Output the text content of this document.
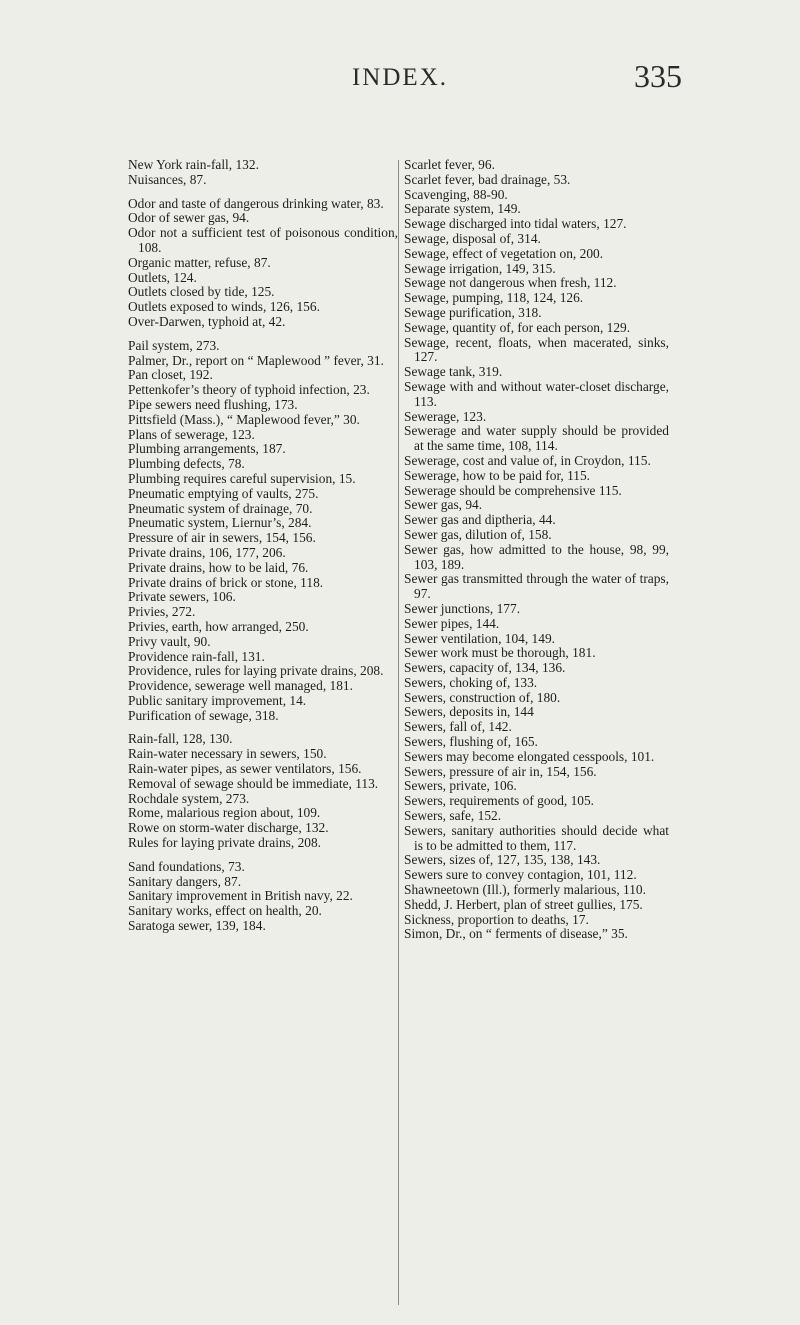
INDEX.	335
New York rain-fall, 132.
Nuisances, 87.
Odor and taste of dangerous drinking water, 83.
Odor of sewer gas, 94.
Odor not a sufficient test of poisonous condition, 108.
Organic matter, refuse, 87.
Outlets, 124.
Outlets closed by tide, 125.
Outlets exposed to winds, 126, 156.
Over-Darwen, typhoid at, 42.
Pail system, 273.
Palmer, Dr., report on “ Maplewood ” fever, 31.
Pan closet, 192.
Pettenkofer’s theory of typhoid infection, 23.
Pipe sewers need flushing, 173.
Pittsfield (Mass.), “ Maplewood fever,” 30.
Plans of sewerage, 123.
Plumbing arrangements, 187.
Plumbing defects, 78.
Plumbing requires careful supervision, 15.
Pneumatic emptying of vaults, 275.
Pneumatic system of drainage, 70.
Pneumatic system, Liernur’s, 284.
Pressure of air in sewers, 154, 156.
Private drains, 106, 177, 206.
Private drains, how to be laid, 76.
Private drains of brick or stone, 118.
Private sewers, 106.
Privies, 272.
Privies, earth, how arranged, 250.
Privy vault, 90.
Providence rain-fall, 131.
Providence, rules for laying private drains, 208.
Providence, sewerage well managed, 181.
Public sanitary improvement, 14.
Purification of sewage, 318.
Rain-fall, 128, 130.
Rain-water necessary in sewers, 150.
Rain-water pipes, as sewer ventilators, 156.
Removal of sewage should be immediate, 113.
Rochdale system, 273.
Rome, malarious region about, 109.
Rowe on storm-water discharge, 132.
Rules for laying private drains, 208.
Sand foundations, 73.
Sanitary dangers, 87.
Sanitary improvement in British navy, 22.
Sanitary works, effect on health, 20.
Saratoga sewer, 139, 184.
Scarlet fever, 96.
Scarlet fever, bad drainage, 53.
Scavenging, 88-90.
Separate system, 149.
Sewage discharged into tidal waters, 127.
Sewage, disposal of, 314.
Sewage, effect of vegetation on, 200.
Sewage irrigation, 149, 315.
Sewage not dangerous when fresh, 112.
Sewage, pumping, 118, 124, 126.
Sewage purification, 318.
Sewage, quantity of, for each person, 129.
Sewage, recent, floats, when macerated, sinks, 127.
Sewage tank, 319.
Sewage with and without water-closet discharge, 113.
Sewerage, 123.
Sewerage and water supply should be provided at the same time, 108, 114.
Sewerage, cost and value of, in Croydon, 115.
Sewerage, how to be paid for, 115.
Sewerage should be comprehensive 115.
Sewer gas, 94.
Sewer gas and diptheria, 44.
Sewer gas, dilution of, 158.
Sewer gas, how admitted to the house, 98, 99, 103, 189.
Sewer gas transmitted through the water of traps, 97.
Sewer junctions, 177.
Sewer pipes, 144.
Sewer ventilation, 104, 149.
Sewer work must be thorough, 181.
Sewers, capacity of, 134, 136.
Sewers, choking of, 133.
Sewers, construction of, 180.
Sewers, deposits in, 144
Sewers, fall of, 142.
Sewers, flushing of, 165.
Sewers may become elongated cesspools, 101.
Sewers, pressure of air in, 154, 156.
Sewers, private, 106.
Sewers, requirements of good, 105.
Sewers, safe, 152.
Sewers, sanitary authorities should decide what is to be admitted to them, 117.
Sewers, sizes of, 127, 135, 138, 143.
Sewers sure to convey contagion, 101, 112.
Shawneetown (Ill.), formerly malarious, 110.
Shedd, J. Herbert, plan of street gullies, 175.
Sickness, proportion to deaths, 17.
Simon, Dr., on “ ferments of disease,” 35.
